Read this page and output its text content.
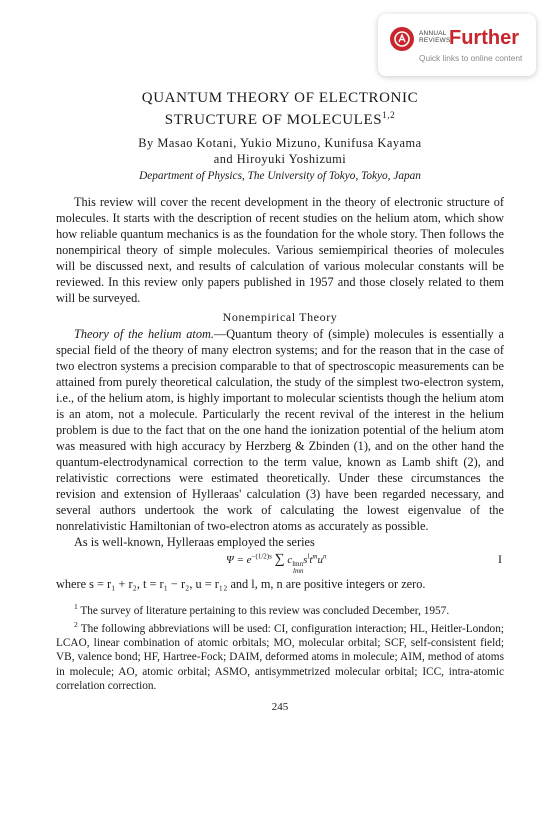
ANNUAL
REVIEWS
Further
Quick links to online content
QUANTUM THEORY OF ELECTRONIC
STRUCTURE OF MOLECULES$^{1,2}$
By Masao Kotani, Yukio Mizuno, Kunifusa Kayama
and Hiroyuki Yoshizumi
Department of Physics, The University of Tokyo, Tokyo, Japan

This review will cover the recent development in the theory of electronic structure of molecules. It starts with the description of recent studies on the helium atom, which show how reliable quantum mechanics is as the foundation for the whole story. Then follows the nonempirical theory of simple molecules. Various semiempirical theories of molecules will be discussed next, and results of calculation of various molecular constants will be reviewed. In this review only papers published in 1957 and those closely related to them will be surveyed.

Nonempirical Theory

Theory of the helium atom.—Quantum theory of (simple) molecules is essentially a special field of the theory of many electron systems; and for the reason that in the case of two electron systems a precision comparable to that of spectroscopic measurements can be attained from purely theoretical calculation, the study of the simplest two-electron system, i.e., of the helium atom, is highly important to molecular scientists though the helium atom is an atom, not a molecule. Particularly the recent revival of the interest in the helium problem is due to the fact that on the one hand the ionization potential of the helium atom was measured with high accuracy by Herzberg & Zbinden (1), and on the other hand the quantum-electrodynamical correction to the term value, known as Lamb shift (2), and relativistic corrections were estimated theoretically. Under these circumstances the revision and extension of Hylleraas' calculation (3) have been regarded necessary, and several authors undertook the work of calculating the lowest eigenvalue of the nonrelativistic Hamiltonian of two-electron atoms as accurately as possible.

As is well-known, Hylleraas employed the series

$\Psi = e^{-(1/2)s}$ ∑ $c_{lmn}s^lt^mu^n$
lmn
I

where s = r₁ + r₂, t = r₁ − r₂, u = r₁₂ and l, m, n are positive integers or zero.

$^1$ The survey of literature pertaining to this review was concluded December, 1957.

$^2$ The following abbreviations will be used: CI, configuration interaction; HL, Heitler-London; LCAO, linear combination of atomic orbitals; MO, molecular orbital; SCF, self-consistent field; VB, valence bond; HF, Hartree-Fock; DAIM, deformed atoms in molecule; AIM, method of atoms in molecule; AO, atomic orbital; ASMO, antisymmetrized molecular orbital; ICC, intra-atomic correlation correction.

245
